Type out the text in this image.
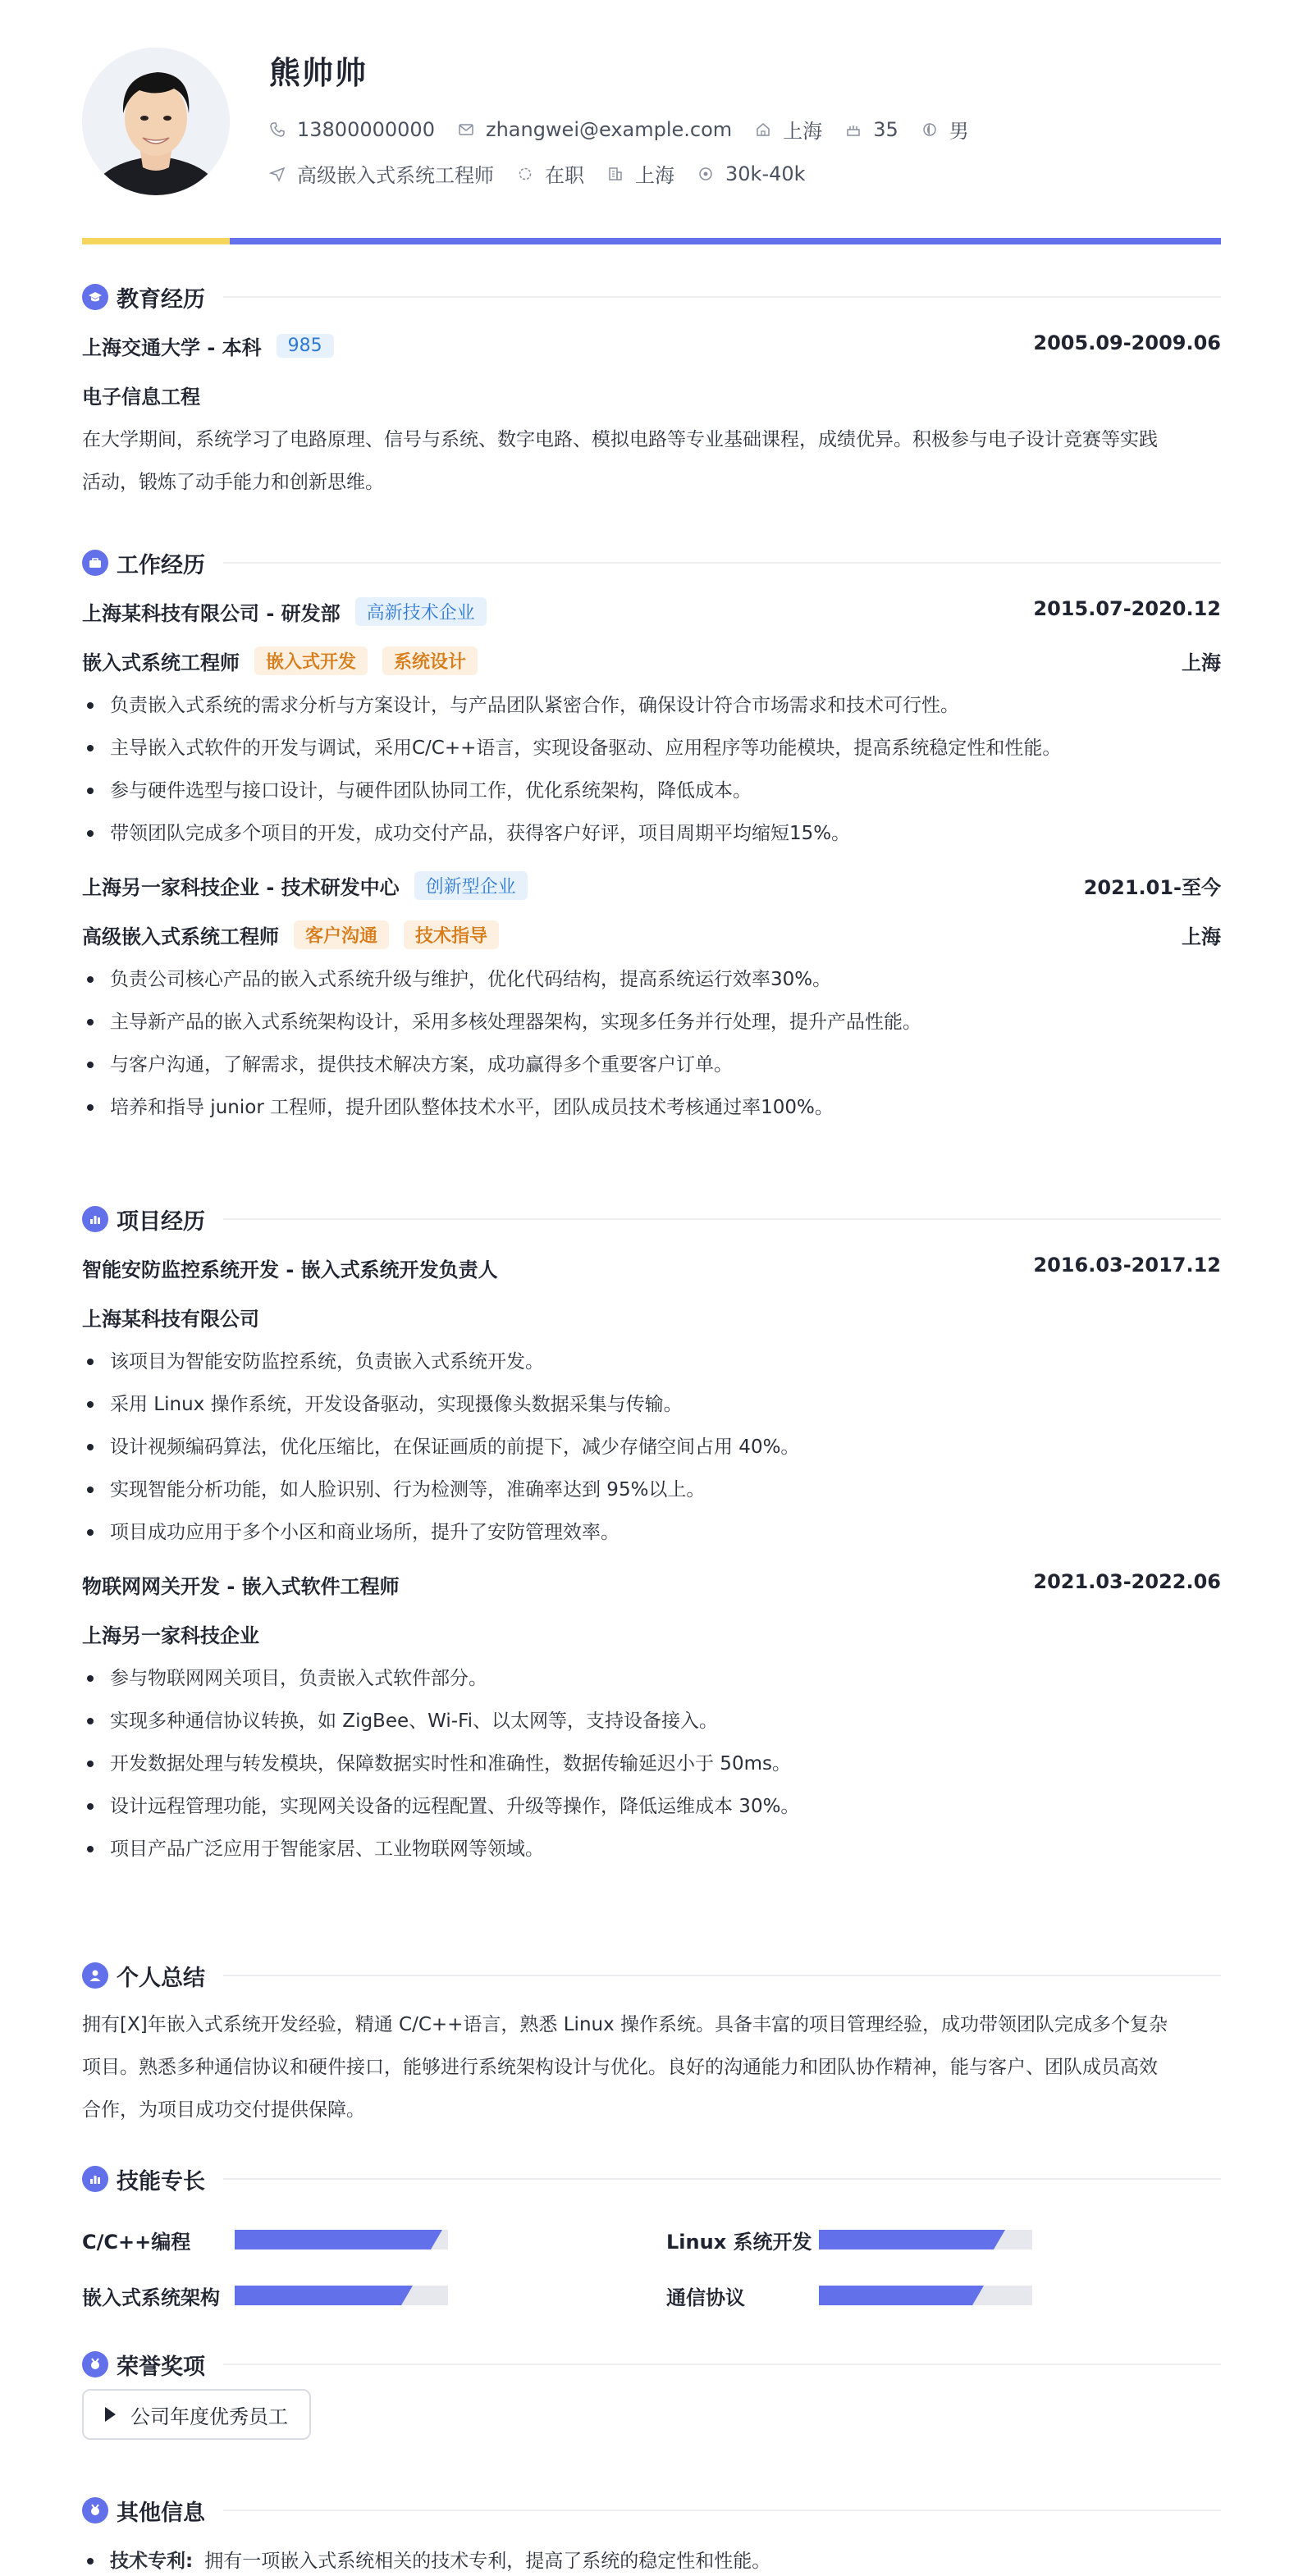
熊帅帅
13800000000	zhangwei@example.com	上海	35	男
高级嵌入式系统工程师	在职	上海	30k-40k
教育经历
上海交通大学 - 本科	985	2005.09-2009.06
电子信息工程
在大学期间，系统学习了电路原理、信号与系统、数字电路、模拟电路等专业基础课程，成绩优异。积极参与电子设计竞赛等实践
活动，锻炼了动手能力和创新思维。
工作经历
上海某科技有限公司 - 研发部	高新技术企业	2015.07-2020.12
嵌入式系统工程师	嵌入式开发	系统设计	上海
负责嵌入式系统的需求分析与方案设计，与产品团队紧密合作，确保设计符合市场需求和技术可行性。
主导嵌入式软件的开发与调试，采用C/C++语言，实现设备驱动、应用程序等功能模块，提高系统稳定性和性能。
参与硬件选型与接口设计，与硬件团队协同工作，优化系统架构，降低成本。
带领团队完成多个项目的开发，成功交付产品，获得客户好评，项目周期平均缩短15%。
上海另一家科技企业 - 技术研发中心	创新型企业	2021.01-至今
高级嵌入式系统工程师	客户沟通	技术指导	上海
负责公司核心产品的嵌入式系统升级与维护，优化代码结构，提高系统运行效率30%。
主导新产品的嵌入式系统架构设计，采用多核处理器架构，实现多任务并行处理，提升产品性能。
与客户沟通，了解需求，提供技术解决方案，成功赢得多个重要客户订单。
培养和指导 junior 工程师，提升团队整体技术水平，团队成员技术考核通过率100%。
项目经历
智能安防监控系统开发 - 嵌入式系统开发负责人	2016.03-2017.12
上海某科技有限公司
该项目为智能安防监控系统，负责嵌入式系统开发。
采用 Linux 操作系统，开发设备驱动，实现摄像头数据采集与传输。
设计视频编码算法，优化压缩比，在保证画质的前提下，减少存储空间占用 40%。
实现智能分析功能，如人脸识别、行为检测等，准确率达到 95%以上。
项目成功应用于多个小区和商业场所，提升了安防管理效率。
物联网网关开发 - 嵌入式软件工程师	2021.03-2022.06
上海另一家科技企业
参与物联网网关项目，负责嵌入式软件部分。
实现多种通信协议转换，如 ZigBee、Wi-Fi、以太网等，支持设备接入。
开发数据处理与转发模块，保障数据实时性和准确性，数据传输延迟小于 50ms。
设计远程管理功能，实现网关设备的远程配置、升级等操作，降低运维成本 30%。
项目产品广泛应用于智能家居、工业物联网等领域。
个人总结
拥有[X]年嵌入式系统开发经验，精通 C/C++语言，熟悉 Linux 操作系统。具备丰富的项目管理经验，成功带领团队完成多个复杂
项目。熟悉多种通信协议和硬件接口，能够进行系统架构设计与优化。良好的沟通能力和团队协作精神，能与客户、团队成员高效
合作，为项目成功交付提供保障。
技能专长
C/C++编程	Linux 系统开发
嵌入式系统架构	通信协议
荣誉奖项
公司年度优秀员工
其他信息
技术专利: 拥有一项嵌入式系统相关的技术专利，提高了系统的稳定性和性能。
